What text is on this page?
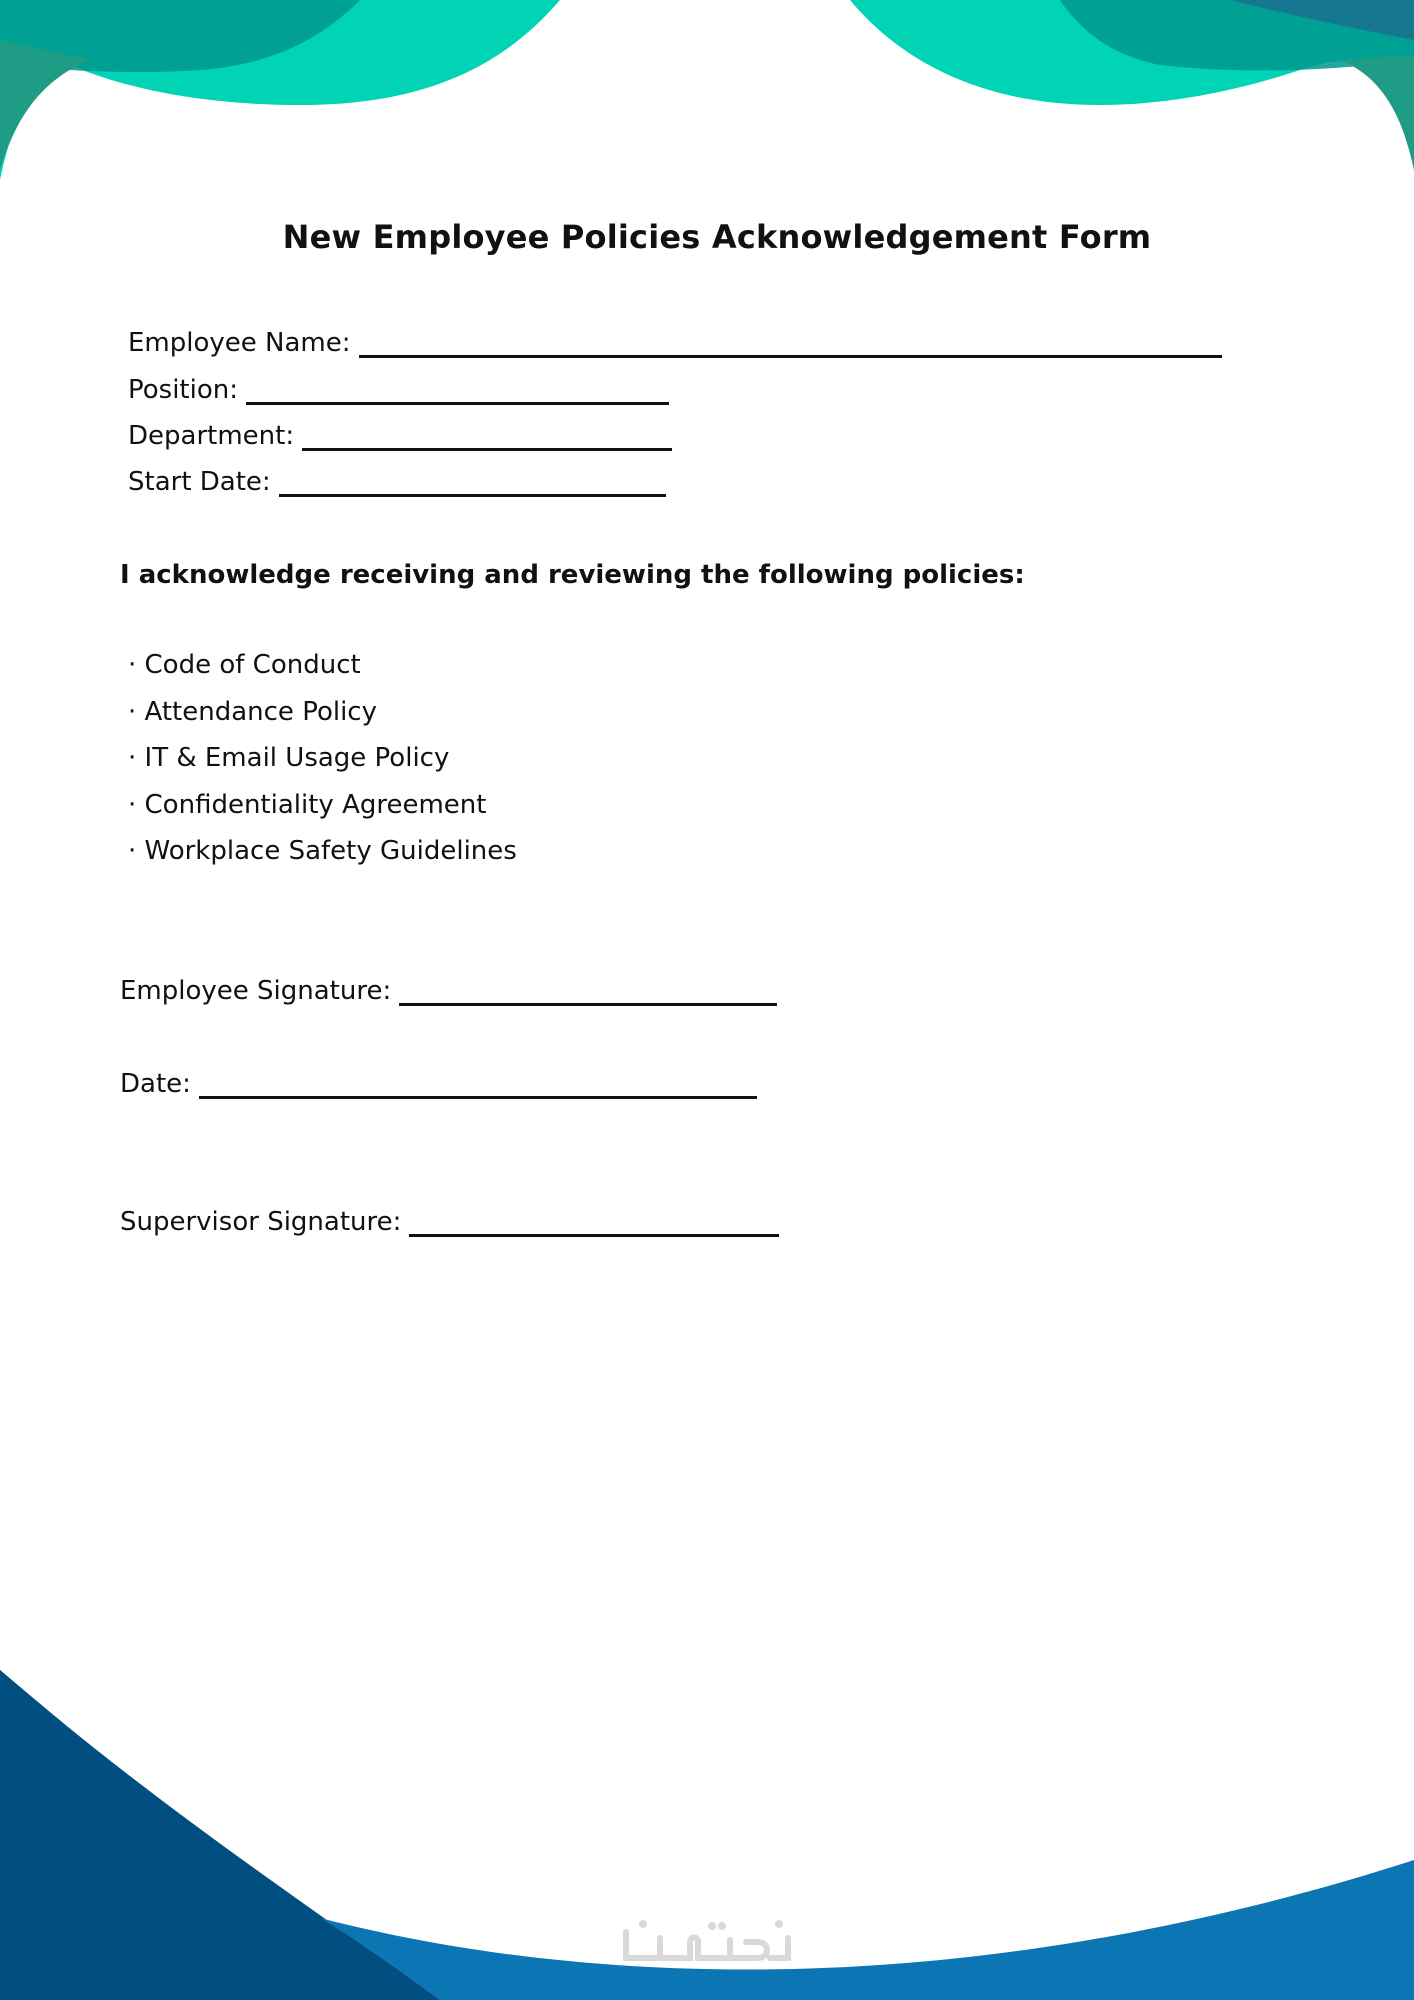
New Employee Policies Acknowledgement Form
Employee Name:
Position:
Department:
Start Date:

I acknowledge receiving and reviewing the following policies:

· Code of Conduct
· Attendance Policy
· IT & Email Usage Policy
· Confidentiality Agreement
· Workplace Safety Guidelines
Employee Signature:
Date:
Supervisor Signature:
